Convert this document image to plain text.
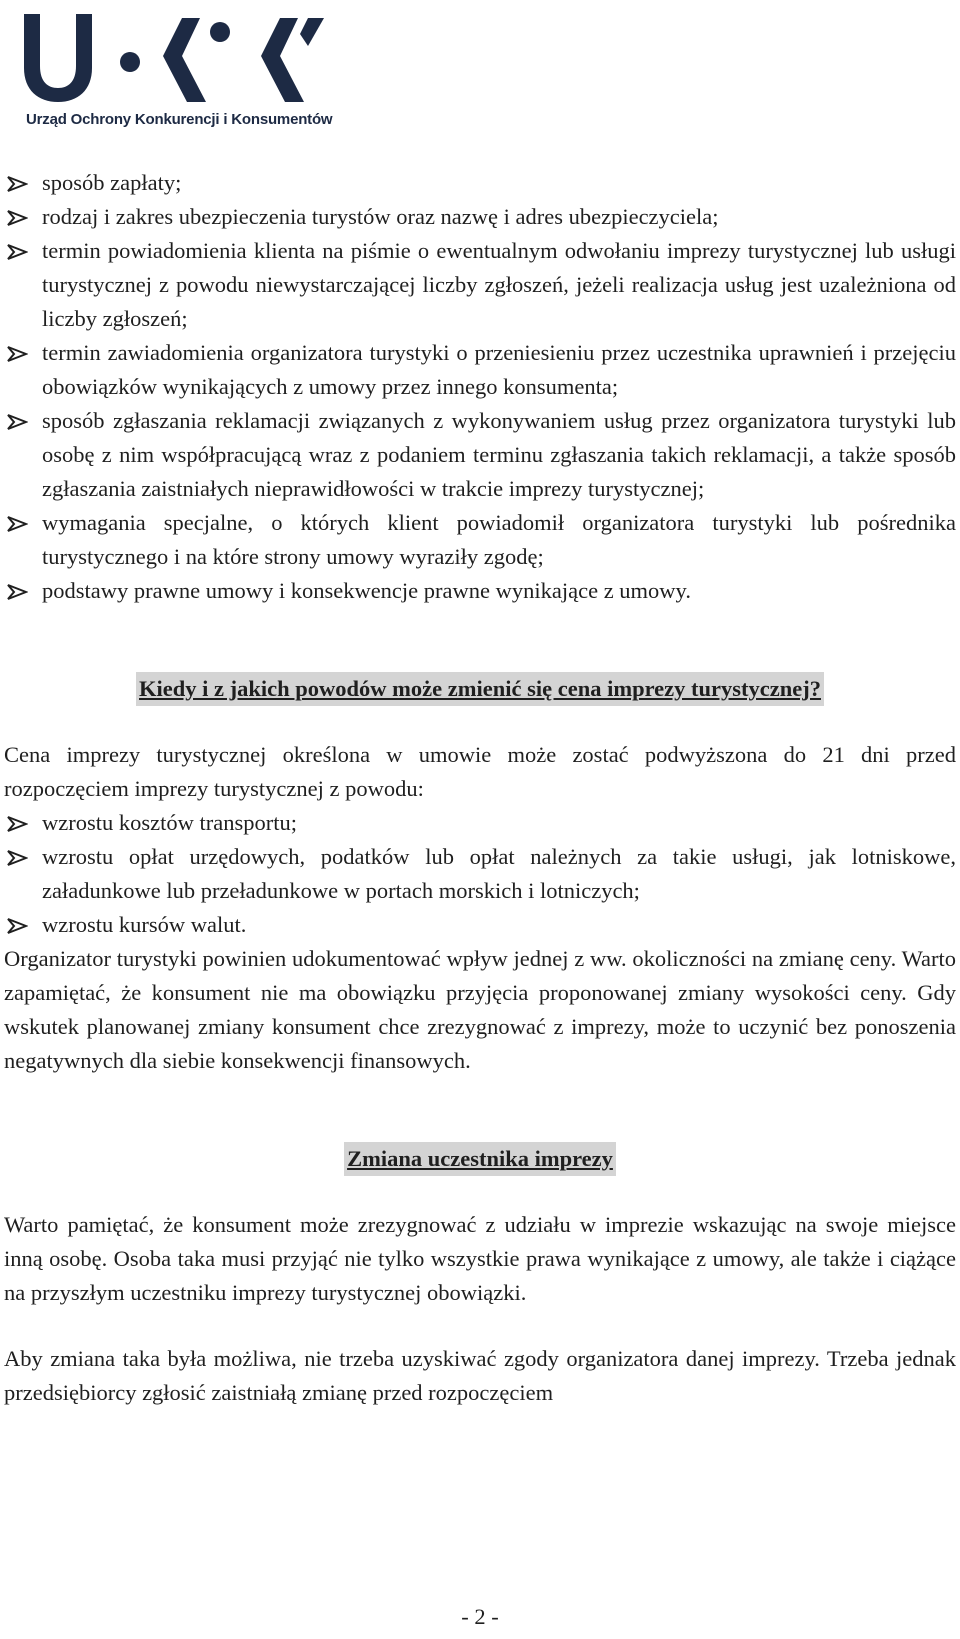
Urząd Ochrony Konkurencji i Konsumentów
sposób zapłaty;
rodzaj i zakres ubezpieczenia turystów oraz nazwę i adres ubezpieczyciela;
termin powiadomienia klienta na piśmie o ewentualnym odwołaniu imprezy turystycznej lub usługi turystycznej z powodu niewystarczającej liczby zgłoszeń, jeżeli realizacja usług jest uzależniona od liczby zgłoszeń;
termin zawiadomienia organizatora turystyki o przeniesieniu przez uczestnika uprawnień i przejęciu obowiązków wynikających z umowy przez innego konsumenta;
sposób zgłaszania reklamacji związanych z wykonywaniem usług przez organizatora turystyki lub osobę z nim współpracującą wraz z podaniem terminu zgłaszania takich reklamacji, a także sposób zgłaszania zaistniałych nieprawidłowości w trakcie imprezy turystycznej;
wymagania specjalne, o których klient powiadomił organizatora turystyki lub pośrednika turystycznego i na które strony umowy wyraziły zgodę;
podstawy prawne umowy i konsekwencje prawne wynikające z umowy.
Kiedy i z jakich powodów może zmienić się cena imprezy turystycznej?

Cena imprezy turystycznej określona w umowie może zostać podwyższona do 21 dni przed rozpoczęciem imprezy turystycznej z powodu:

wzrostu kosztów transportu;
wzrostu opłat urzędowych, podatków lub opłat należnych za takie usługi, jak lotniskowe, załadunkowe lub przeładunkowe w portach morskich i lotniczych;
wzrostu kursów walut.

Organizator turystyki powinien udokumentować wpływ jednej z ww. okoliczności na zmianę ceny. Warto zapamiętać, że konsument nie ma obowiązku przyjęcia proponowanej zmiany wysokości ceny. Gdy wskutek planowanej zmiany konsument chce zrezygnować z imprezy, może to uczynić bez ponoszenia negatywnych dla siebie konsekwencji finansowych.

Zmiana uczestnika imprezy

Warto pamiętać, że konsument może zrezygnować z udziału w imprezie wskazując na swoje miejsce inną osobę. Osoba taka musi przyjąć nie tylko wszystkie prawa wynikające z umowy, ale także i ciążące na przyszłym uczestniku imprezy turystycznej obowiązki.

Aby zmiana taka była możliwa, nie trzeba uzyskiwać zgody organizatora danej imprezy. Trzeba jednak przedsiębiorcy zgłosić zaistniałą zmianę przed rozpoczęciem

- 2 -
